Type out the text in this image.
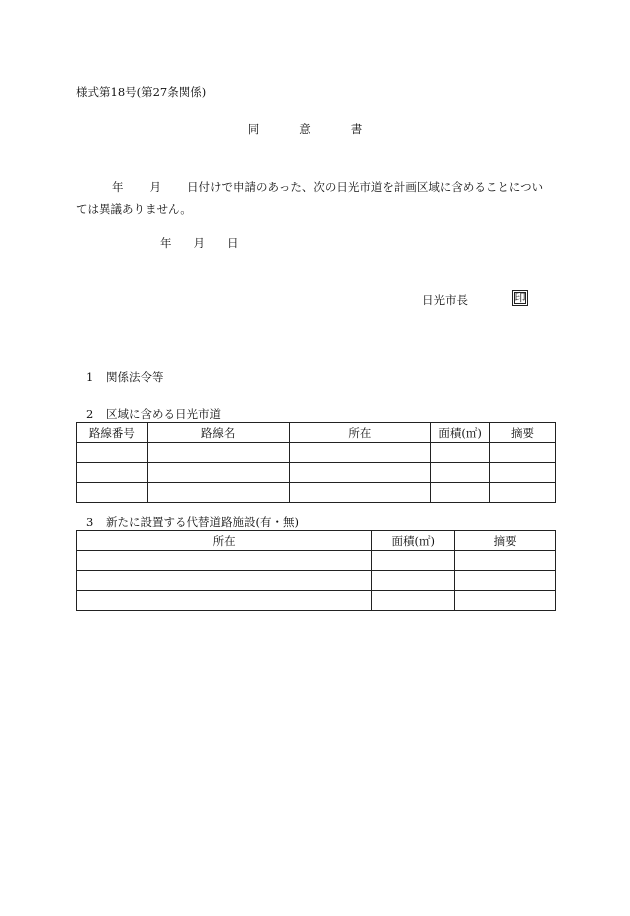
様式第18号(第27条関係)
同	意	書
年 月 日付けで申請のあった、次の日光市道を計画区域に含めることについ
ては異議ありません。
年 月 日
日光市長	印
1 関係法令等
2 区域に含める日光市道
路線番号	路線名	所在	面積(㎡)	摘要

3 新たに設置する代替道路施設(有・無)
所在	面積(㎡)	摘要
